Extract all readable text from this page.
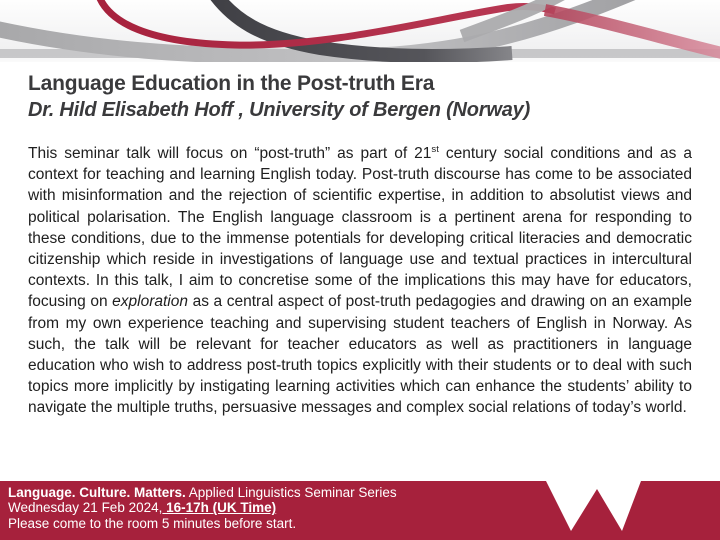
Language Education in the Post-truth Era
Dr. Hild Elisabeth Hoff , University of Bergen (Norway)

This seminar talk will focus on “post-truth” as part of 21st century social conditions and as a context for teaching and learning English today. Post-truth discourse has come to be associated with misinformation and the rejection of scientific expertise, in addition to absolutist views and political polarisation. The English language classroom is a pertinent arena for responding to these conditions, due to the immense potentials for developing critical literacies and democratic citizenship which reside in investigations of language use and textual practices in intercultural contexts. In this talk, I aim to concretise some of the implications this may have for educators, focusing on exploration as a central aspect of post-truth pedagogies and drawing on an example from my own experience teaching and supervising student teachers of English in Norway. As such, the talk will be relevant for teacher educators as well as practitioners in language education who wish to address post-truth topics explicitly with their students or to deal with such topics more implicitly by instigating learning activities which can enhance the students’ ability to navigate the multiple truths, persuasive messages and complex social relations of today’s world.

Language. Culture. Matters. Applied Linguistics Seminar Series
Wednesday 21 Feb 2024, 16-17h (UK Time)
Please come to the room 5 minutes before start.
